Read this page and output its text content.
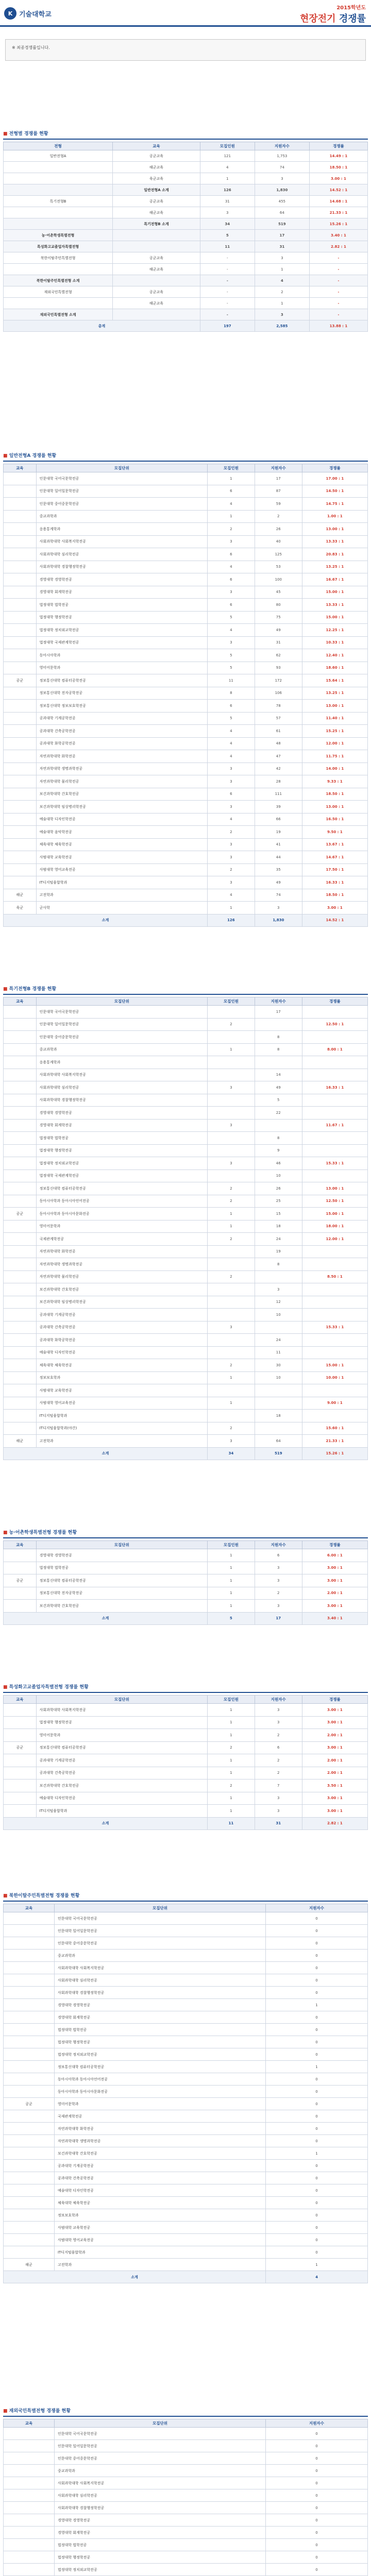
K 기술대학교
2015학년도
현장전기 경쟁률
※ 최종경쟁률입니다.
■ 전형별 경쟁률 현황
전형	교육	모집인원	지원자수	경쟁률
일반전형A	공군교육	121	1,753	14.49 : 1
	해군교육	4	74	18.50 : 1
	육군교육	1	3	3.00 : 1
	일반전형A 소계	126	1,830	14.52 : 1
특기전형B	공군교육	31	455	14.68 : 1
	해군교육	3	64	21.33 : 1
	특기전형B 소계	34	519	15.26 : 1
농·어촌학생특별전형		5	17	3.40 : 1
특성화고교졸업자특별전형		11	31	2.82 : 1
북한이탈주민특별전형	공군교육	-	3	-
	해군교육	-	1	-
북한이탈주민특별전형 소계		-	4	-
재외국민특별전형	공군교육	-	2	-
	해군교육	-	1	-
재외국민특별전형 소계		-	3	-
총계		197	2,585	13.88 : 1
■ 일반전형A 경쟁률 현황
교육	모집단위	모집인원	지원자수	경쟁률
	인문대학 국어국문학전공	1	17	17.00 : 1
	인문대학 일어일문학전공	6	87	14.50 : 1
	인문대학 중어중문학전공	4	59	14.75 : 1
	중교과학과	1	2	1.00 : 1
	응용통계학과	2	26	13.00 : 1
	사회과학대학 사회복지학전공	3	40	13.33 : 1
	사회과학대학 심리학전공	6	125	20.83 : 1
	사회과학대학 경찰행정학전공	4	53	13.25 : 1
	경영대학 경영학전공	6	100	16.67 : 1
	경영대학 회계학전공	3	45	15.00 : 1
	법정대학 법학전공	6	80	13.33 : 1
	법정대학 행정학전공	5	75	15.00 : 1
	법정대학 정치외교학전공	4	49	12.25 : 1
	법정대학 국제관계학전공	3	31	10.33 : 1
	동아시아학과	5	62	12.40 : 1
	영미어문학과	5	93	18.60 : 1
공군	정보통신대학 컴퓨터공학전공	11	172	15.64 : 1
	정보통신대학 전자공학전공	8	106	13.25 : 1
	정보통신대학 정보보호학전공	6	78	13.00 : 1
	공과대학 기계공학전공	5	57	11.40 : 1
	공과대학 건축공학전공	4	61	15.25 : 1
	공과대학 화학공학전공	4	48	12.00 : 1
	자연과학대학 화학전공	4	47	11.75 : 1
	자연과학대학 생명과학전공	3	42	14.00 : 1
	자연과학대학 물리학전공	3	28	9.33 : 1
	보건과학대학 간호학전공	6	111	18.50 : 1
	보건과학대학 임상병리학전공	3	39	13.00 : 1
	예술대학 디자인학전공	4	66	16.50 : 1
	예술대학 음악학전공	2	19	9.50 : 1
	체육대학 체육학전공	3	41	13.67 : 1
	사범대학 교육학전공	3	44	14.67 : 1
	사범대학 영어교육전공	2	35	17.50 : 1
	IT디지털융합학과	3	49	16.33 : 1
해군	고전학과	4	74	18.50 : 1
육군	군사학	1	3	3.00 : 1
소계		126	1,830	14.52 : 1
■ 특기전형B 경쟁률 현황
교육	모집단위	모집인원	지원자수	경쟁률
	인문대학 국어국문학전공		17	
	인문대학 일어일문학전공	2		12.50 : 1
	인문대학 중어중문학전공		8	
	중교과학과	1	8	8.00 : 1
	응용통계학과			
	사회과학대학 사회복지학전공		14	
	사회과학대학 심리학전공	3	49	16.33 : 1
	사회과학대학 경찰행정학전공		5	
	경영대학 경영학전공		22	
	경영대학 회계학전공	3		11.67 : 1
	법정대학 법학전공		8	
	법정대학 행정학전공		9	
	법정대학 정치외교학전공	3	46	15.33 : 1
	법정대학 국제관계학전공		10	
	정보통신대학 컴퓨터공학전공	2	26	13.00 : 1
	동아시아학과 동아시아언어전공	2	25	12.50 : 1
공군	동아시아학과 동아시아문화전공	1	15	15.00 : 1
	영미어문학과	1	18	18.00 : 1
	국제관계학전공	2	24	12.00 : 1
	자연과학대학 화학전공		19	
	자연과학대학 생명과학전공		8	
	자연과학대학 물리학전공	2		8.50 : 1
	보건과학대학 간호학전공		3	
	보건과학대학 임상병리학전공		12	
	공과대학 기계공학전공		10	
	공과대학 건축공학전공	3		15.33 : 1
	공과대학 화학공학전공		24	
	예술대학 디자인학전공		11	
	체육대학 체육학전공	2	30	15.00 : 1
	정보보호학과	1	10	10.00 : 1
	사범대학 교육학전공			
	사범대학 영어교육전공	1		9.00 : 1
	IT디지털융합학과		18	
	IT디지털융합학과(야간)	2		15.60 : 1
해군	고전학과	3	64	21.33 : 1
소계		34	519	15.26 : 1
■ 농·어촌학생특별전형 경쟁률 현황
교육	모집단위	모집인원	지원자수	경쟁률
	경영대학 경영학전공	1	6	6.00 : 1
	법정대학 법학전공	1	3	3.00 : 1
공군	정보통신대학 컴퓨터공학전공	1	3	3.00 : 1
	정보통신대학 전자공학전공	1	2	2.00 : 1
	보건과학대학 간호학전공	1	3	3.00 : 1
소계		5	17	3.40 : 1
■ 특성화고교졸업자특별전형 경쟁률 현황
교육	모집단위	모집인원	지원자수	경쟁률
	사회과학대학 사회복지학전공	1	3	3.00 : 1
	법정대학 행정학전공	1	3	3.00 : 1
	영미어문학과	1	2	2.00 : 1
공군	정보통신대학 컴퓨터공학전공	2	6	3.00 : 1
	공과대학 기계공학전공	1	2	2.00 : 1
	공과대학 건축공학전공	1	2	2.00 : 1
	보건과학대학 간호학전공	2	7	3.50 : 1
	예술대학 디자인학전공	1	3	3.00 : 1
	IT디지털융합학과	1	3	3.00 : 1
소계		11	31	2.82 : 1
■ 북한이탈주민특별전형 경쟁률 현황
교육	모집단위	지원자수
	인문대학 국어국문학전공	0
	인문대학 일어일문학전공	0
	인문대학 중어중문학전공	0
	중교과학과	0
	사회과학대학 사회복지학전공	0
	사회과학대학 심리학전공	0
	사회과학대학 경찰행정학전공	0
	경영대학 경영학전공	1
	경영대학 회계학전공	0
	법정대학 법학전공	0
	법정대학 행정학전공	0
	법정대학 정치외교학전공	0
	정보통신대학 컴퓨터공학전공	1
	동아시아학과 동아시아언어전공	0
	동아시아학과 동아시아문화전공	0
공군	영미어문학과	0
	국제관계학전공	0
	자연과학대학 화학전공	0
	자연과학대학 생명과학전공	0
	보건과학대학 간호학전공	1
	공과대학 기계공학전공	0
	공과대학 건축공학전공	0
	예술대학 디자인학전공	0
	체육대학 체육학전공	0
	정보보호학과	0
	사범대학 교육학전공	0
	사범대학 영어교육전공	0
	IT디지털융합학과	0
해군	고전학과	1
소계		4
■ 재외국민특별전형 경쟁률 현황
교육	모집단위	지원자수
	인문대학 국어국문학전공	0
	인문대학 일어일문학전공	0
	인문대학 중어중문학전공	0
	중교과학과	0
	사회과학대학 사회복지학전공	0
	사회과학대학 심리학전공	0
	사회과학대학 경찰행정학전공	0
	경영대학 경영학전공	0
	경영대학 회계학전공	0
	법정대학 법학전공	0
	법정대학 행정학전공	0
	법정대학 정치외교학전공	0
